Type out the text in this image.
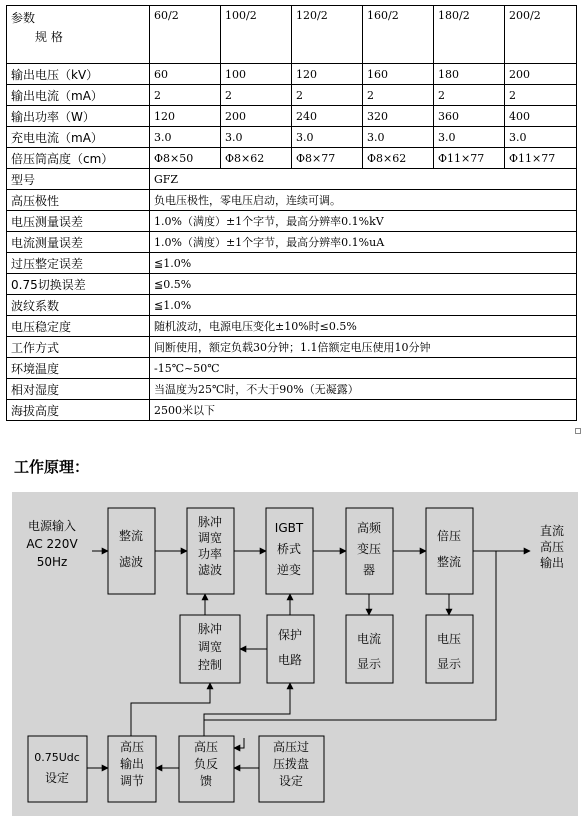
参数
规 格	60/2	100/2	120/2	160/2	180/2	200/2
输出电压（kV）	60	100	120	160	180	200
输出电流（mA）	2	2	2	2	2	2
输出功率（W）	120	200	240	320	360	400
充电电流（mA）	3.0	3.0	3.0	3.0	3.0	3.0
倍压筒高度（cm）	Φ8×50	Φ8×62	Φ8×77	Φ8×62	Φ11×77	Φ11×77
型号	GFZ					
高压极性	负电压极性，零电压启动，连续可调。					
电压测量误差	1.0%（满度）±1个字节，最高分辨率0.1%kV					
电流测量误差	1.0%（满度）±1个字节，最高分辨率0.1%uA					
过压整定误差	≦1.0%					
0.75切换误差	≦0.5%					
波纹系数	≦1.0%					
电压稳定度	随机波动，电源电压变化±10%时≤0.5%					
工作方式	间断使用，额定负载30分钟；1.1倍额定电压使用10分钟					
环境温度	-15℃~50℃					
相对湿度	当温度为25℃时，不大于90%（无凝露）					
海拔高度	2500米以下					
工作原理：
电源输入
AC 220V
50Hz
直流
高压
输出
整流
滤波
脉冲
调宽
功率
滤波
IGBT
桥式
逆变
高频
变压
器
倍压
整流
脉冲
调宽
控制
保护
电路
电流
显示
电压
显示
0.75Udc
设定
高压
输出
调节
高压
负反
馈
高压过
压拨盘
设定
